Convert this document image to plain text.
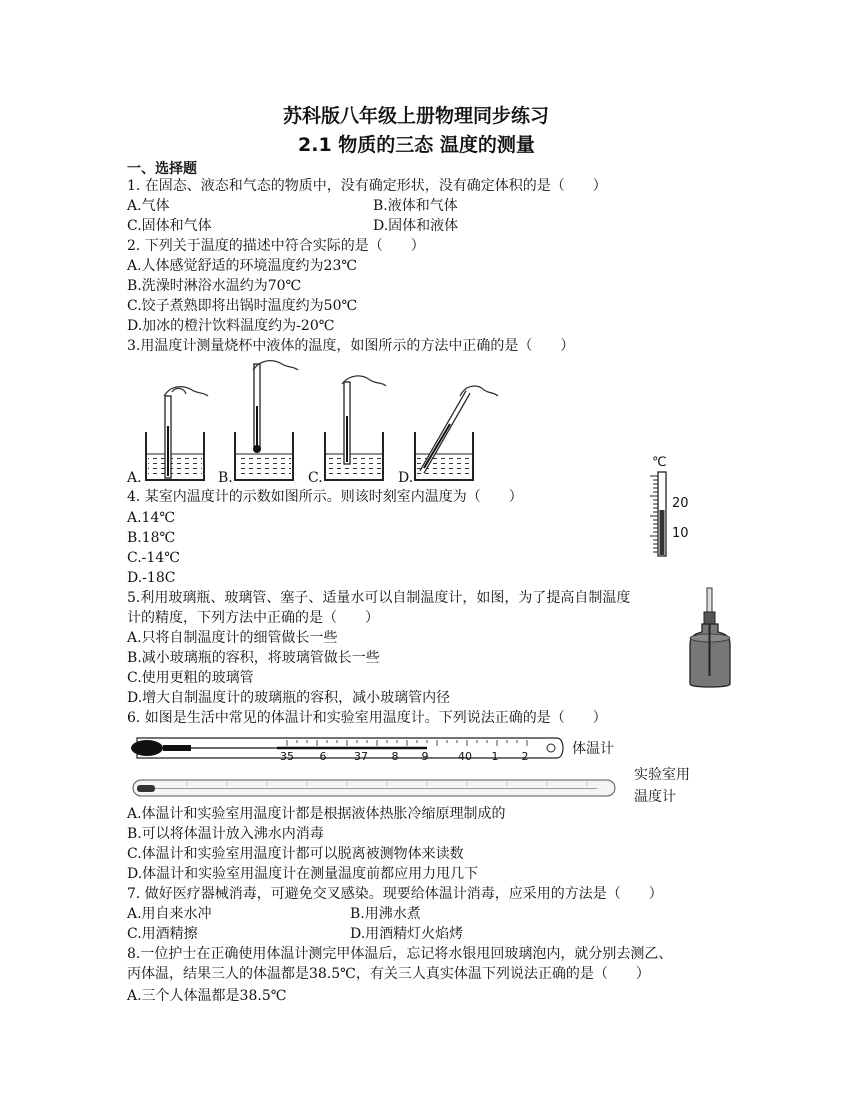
苏科版八年级上册物理同步练习
2.1 物质的三态 温度的测量
一、选择题
1. 在固态、液态和气态的物质中，没有确定形状，没有确定体积的是（　　）
A.气体	B.液体和气体
C.固体和气体	D.固体和液体
2. 下列关于温度的描述中符合实际的是（　　）
A.人体感觉舒适的环境温度约为23℃
B.洗澡时淋浴水温约为70℃
C.饺子煮熟即将出锅时温度约为50℃
D.加冰的橙汁饮料温度约为-20℃
3.用温度计测量烧杯中液体的温度，如图所示的方法中正确的是（　　）
A.	B.	C.	D.
℃
20
10
4. 某室内温度计的示数如图所示。则该时刻室内温度为（　　）
A.14℃
B.18℃
C.-14℃
D.-18C
5.利用玻璃瓶、玻璃管、塞子、适量水可以自制温度计，如图，为了提高自制温度
计的精度，下列方法中正确的是（　　）
A.只将自制温度计的细管做长一些
B.减小玻璃瓶的容积，将玻璃管做长一些
C.使用更粗的玻璃管
D.增大自制温度计的玻璃瓶的容积，减小玻璃管内径
6. 如图是生活中常见的体温计和实验室用温度计。下列说法正确的是（　　）
35 6	37 8 9	40 1 2	体温计
实验室用
温度计
A.体温计和实验室用温度计都是根据液体热胀冷缩原理制成的
B.可以将体温计放入沸水内消毒
C.体温计和实验室用温度计都可以脱离被测物体来读数
D.体温计和实验室用温度计在测量温度前都应用力甩几下
7. 做好医疗器械消毒，可避免交叉感染。现要给体温计消毒，应采用的方法是（　　）
A.用自来水冲	B.用沸水煮
C.用酒精擦	D.用酒精灯火焰烤
8.一位护士在正确使用体温计测完甲体温后，忘记将水银甩回玻璃泡内，就分别去测乙、
丙体温，结果三人的体温都是38.5℃，有关三人真实体温下列说法正确的是（　　）
A.三个人体温都是38.5℃
